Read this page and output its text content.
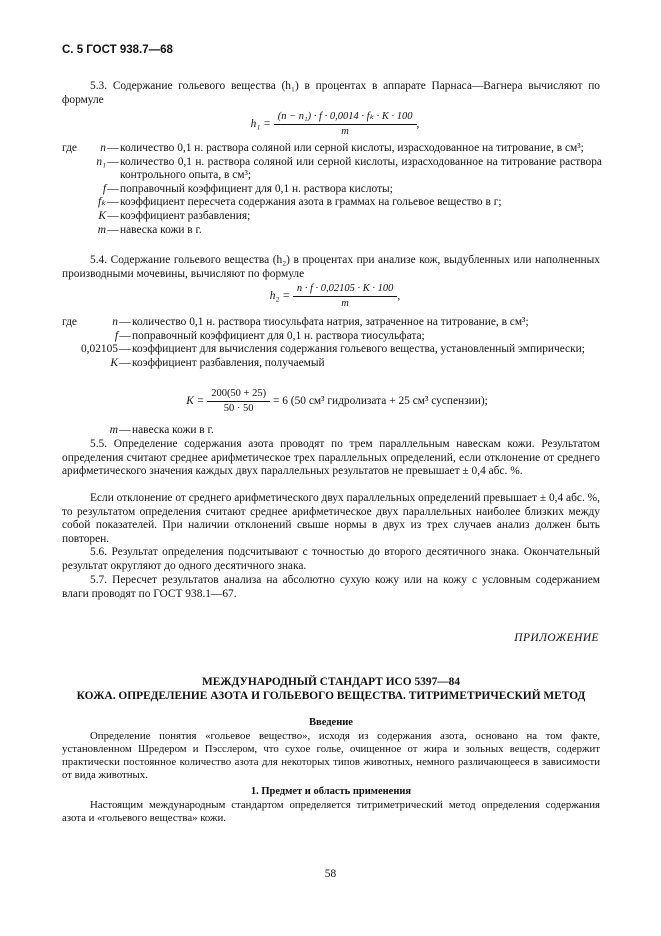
С. 5 ГОСТ 938.7—68

5.3. Содержание гольевого вещества (h₁) в процентах в аппарате Парнаса—Вагнера вычисляют по формуле

$h_1 = \frac{\text{(n − n₁) · f · 0,0014 · fₖ · K · 100}}{m}$ ,
где	n — количество 0,1 н. раствора соляной или серной кислоты, израсходованное на титрование, в см³;
n₁ — количество 0,1 н. раствора соляной или серной кислоты, израсходованное на титрование раствора контрольного опыта, в см³;
f — поправочный коэффициент для 0,1 н. раствора кислоты;
fₖ — коэффициент пересчета содержания азота в граммах на гольевое вещество в г;
K — коэффициент разбавления;
m — навеска кожи в г.

5.4. Содержание гольевого вещества (h₂) в процентах при анализе кож, выдубленных или наполненных производными мочевины, вычисляют по формуле

$h_2 = \frac{n \cdot f \cdot 0,02105 \cdot K \cdot 100}{m}$ ,
где	n — количество 0,1 н. раствора тиосульфата натрия, затраченное на титрование, в см³;
f — поправочный коэффициент для 0,1 н. раствора тиосульфата;
0,02105 — коэффициент для вычисления содержания гольевого вещества, установленный эмпирически;
K — коэффициент разбавления, получаемый
$K = \frac{200(50 + 25)}{50 \cdot 50} = 6$ (50 см³ гидролизата + 25 см³ суспензии);
m — навеска кожи в г.

5.5. Определение содержания азота проводят по трем параллельным навескам кожи. Результатом определения считают среднее арифметическое трех параллельных определений, если отклонение от среднего арифметического значения каждых двух параллельных результатов не превышает ± 0,4 абс. %.

Если отклонение от среднего арифметического двух параллельных определений превышает ± 0,4 абс. %, то результатом определения считают среднее арифметическое двух параллельных наиболее близких между собой показателей. При наличии отклонений свыше нормы в двух из трех случаев анализ должен быть повторен.

5.6. Результат определения подсчитывают с точностью до второго десятичного знака. Окончательный результат округляют до одного десятичного знака.

5.7. Пересчет результатов анализа на абсолютно сухую кожу или на кожу с условным содержанием влаги проводят по ГОСТ 938.1—67.

ПРИЛОЖЕНИЕ
МЕЖДУНАРОДНЫЙ СТАНДАРТ ИСО 5397—84
КОЖА. ОПРЕДЕЛЕНИЕ АЗОТА И ГОЛЬЕВОГО ВЕЩЕСТВА. ТИТРИМЕТРИЧЕСКИЙ МЕТОД
Введение

Определение понятия «гольевое вещество», исходя из содержания азота, основано на том факте, установленном Шредером и Пэсслером, что сухое голье, очищенное от жира и зольных веществ, содержит практически постоянное количество азота для некоторых типов животных, немного различающееся в зависимости от вида животных.

1. Предмет и область применения

Настоящим международным стандартом определяется титриметрический метод определения содержания азота и «гольевого вещества» кожи.

58
